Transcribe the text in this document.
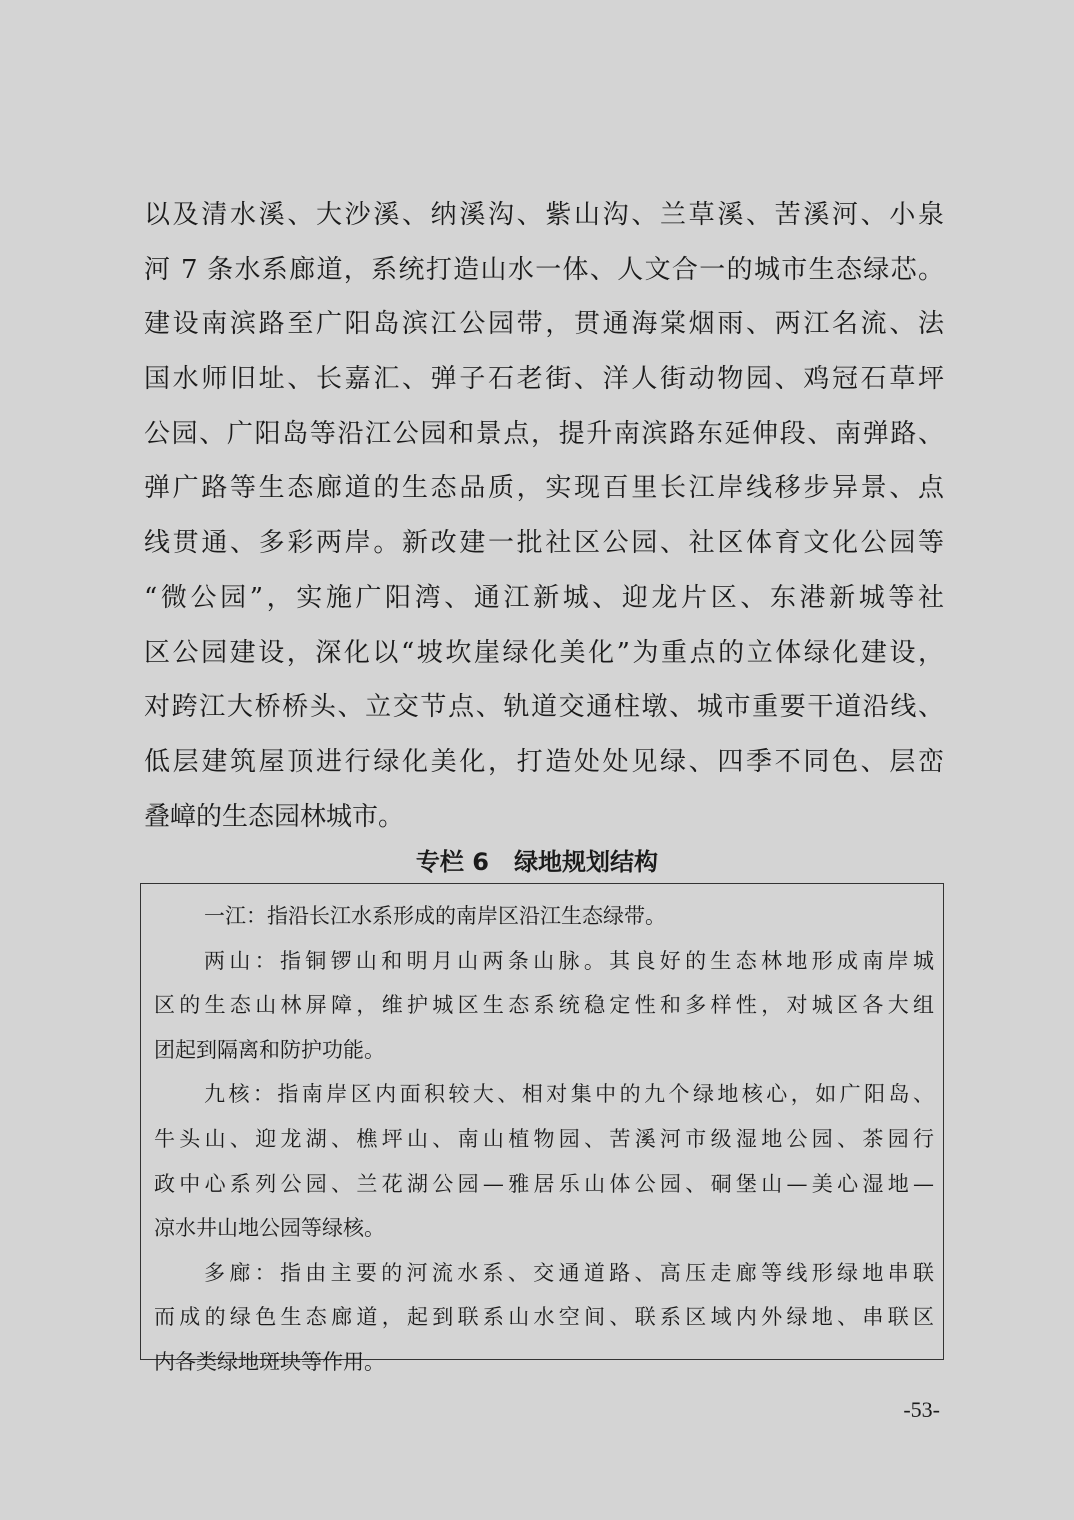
以及清水溪、大沙溪、纳溪沟、紫山沟、兰草溪、苦溪河、小泉
河 7 条水系廊道，系统打造山水一体、人文合一的城市生态绿芯。
建设南滨路至广阳岛滨江公园带，贯通海棠烟雨、两江名流、法
国水师旧址、长嘉汇、弹子石老街、洋人街动物园、鸡冠石草坪
公园、广阳岛等沿江公园和景点，提升南滨路东延伸段、南弹路、
弹广路等生态廊道的生态品质，实现百里长江岸线移步异景、点
线贯通、多彩两岸。新改建一批社区公园、社区体育文化公园等
“微公园”，实施广阳湾、通江新城、迎龙片区、东港新城等社
区公园建设，深化以“坡坎崖绿化美化”为重点的立体绿化建设，
对跨江大桥桥头、立交节点、轨道交通柱墩、城市重要干道沿线、
低层建筑屋顶进行绿化美化，打造处处见绿、四季不同色、层峦
叠嶂的生态园林城市。
专栏 6 绿地规划结构
一江：指沿长江水系形成的南岸区沿江生态绿带。
两山：指铜锣山和明月山两条山脉。其良好的生态林地形成南岸城
区的生态山林屏障，维护城区生态系统稳定性和多样性，对城区各大组
团起到隔离和防护功能。
九核：指南岸区内面积较大、相对集中的九个绿地核心，如广阳岛、
牛头山、迎龙湖、樵坪山、南山植物园、苦溪河市级湿地公园、茶园行
政中心系列公园、兰花湖公园—雅居乐山体公园、硐堡山—美心湿地—
凉水井山地公园等绿核。
多廊：指由主要的河流水系、交通道路、高压走廊等线形绿地串联
而成的绿色生态廊道，起到联系山水空间、联系区域内外绿地、串联区
内各类绿地斑块等作用。
-53-
